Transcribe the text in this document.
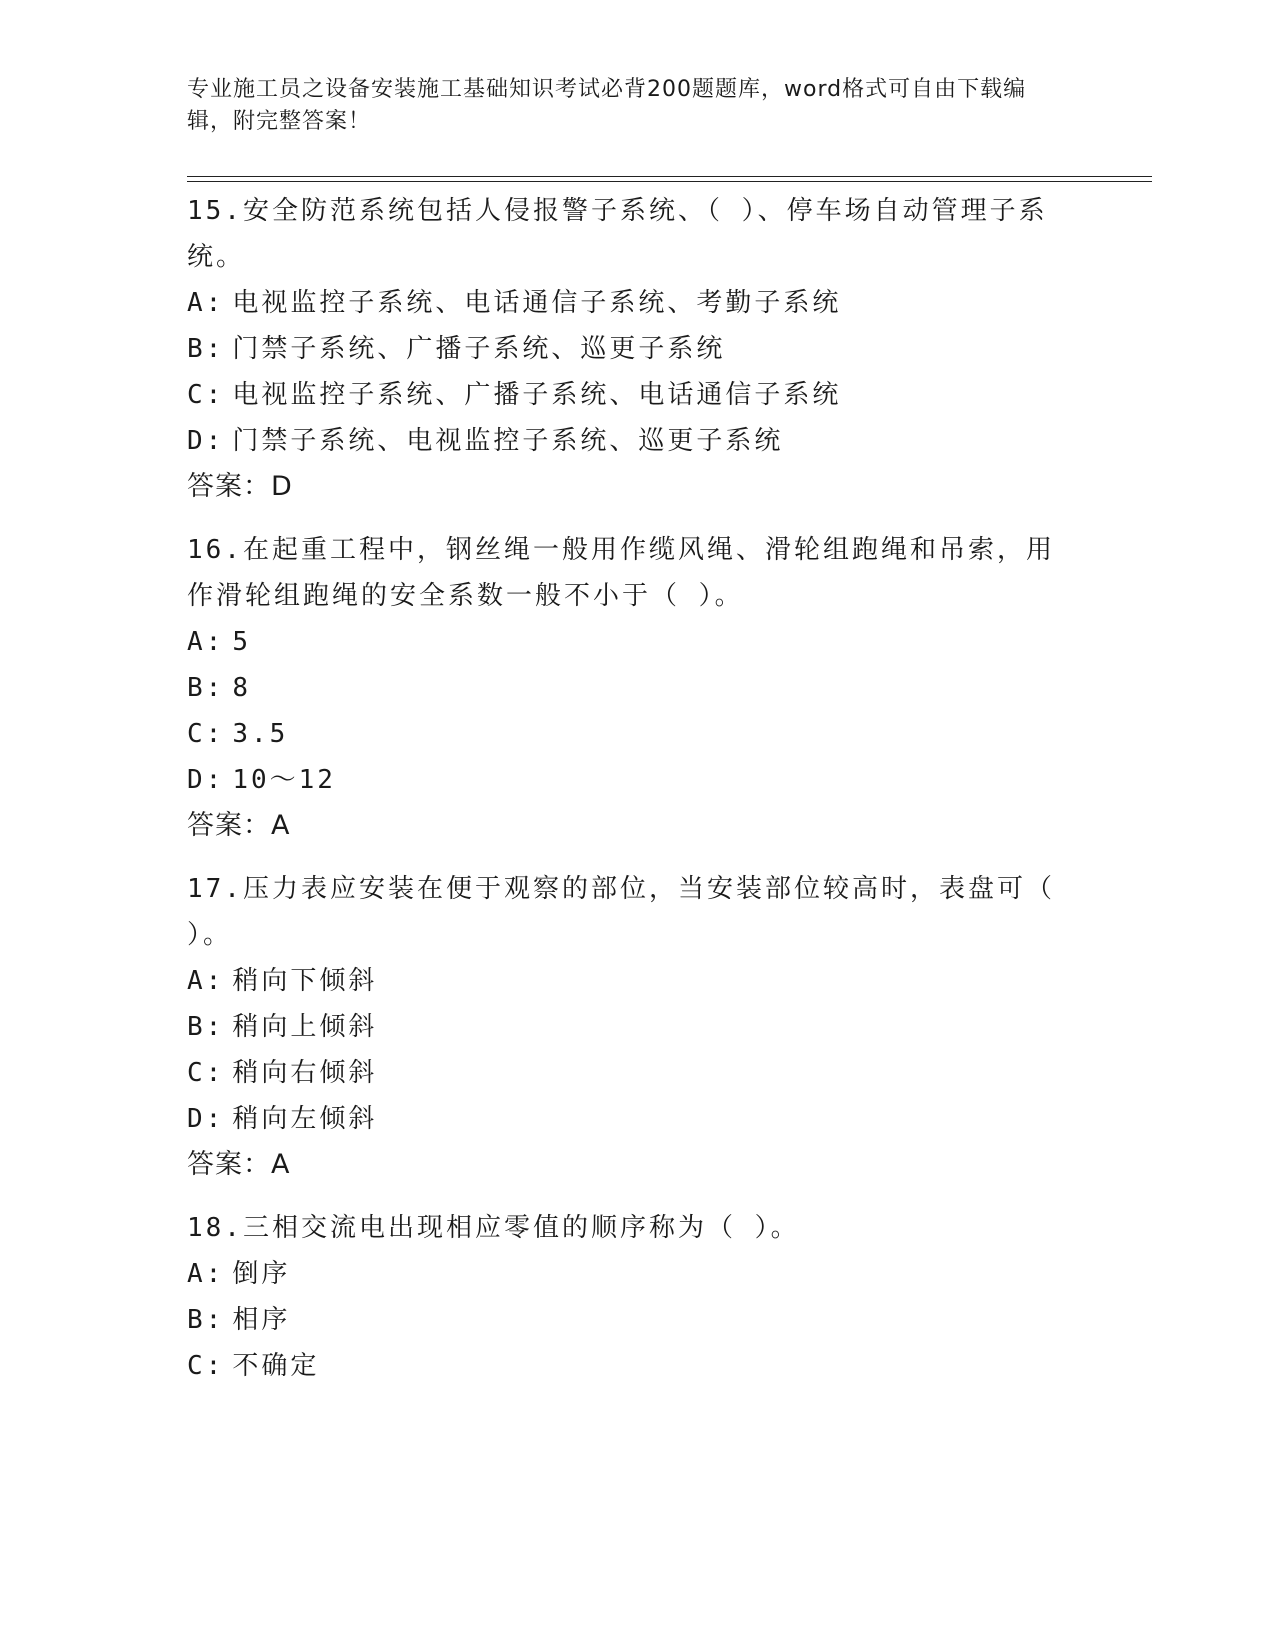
专业施工员之设备安装施工基础知识考试必背200题题库，word格式可自由下载编辑，附完整答案！
15.安全防范系统包括人侵报警子系统、（ ）、停车场自动管理子系统。
A: 电视监控子系统、电话通信子系统、考勤子系统
B: 门禁子系统、广播子系统、巡更子系统
C: 电视监控子系统、广播子系统、电话通信子系统
D: 门禁子系统、电视监控子系统、巡更子系统
答案：D
16.在起重工程中，钢丝绳一般用作缆风绳、滑轮组跑绳和吊索，用作滑轮组跑绳的安全系数一般不小于（ ）。
A: 5
B: 8
C: 3.5
D: 10～12
答案：A
17.压力表应安装在便于观察的部位，当安装部位较高时，表盘可（ ）。
A: 稍向下倾斜
B: 稍向上倾斜
C: 稍向右倾斜
D: 稍向左倾斜
答案：A
18.三相交流电出现相应零值的顺序称为（ ）。
A: 倒序
B: 相序
C: 不确定
